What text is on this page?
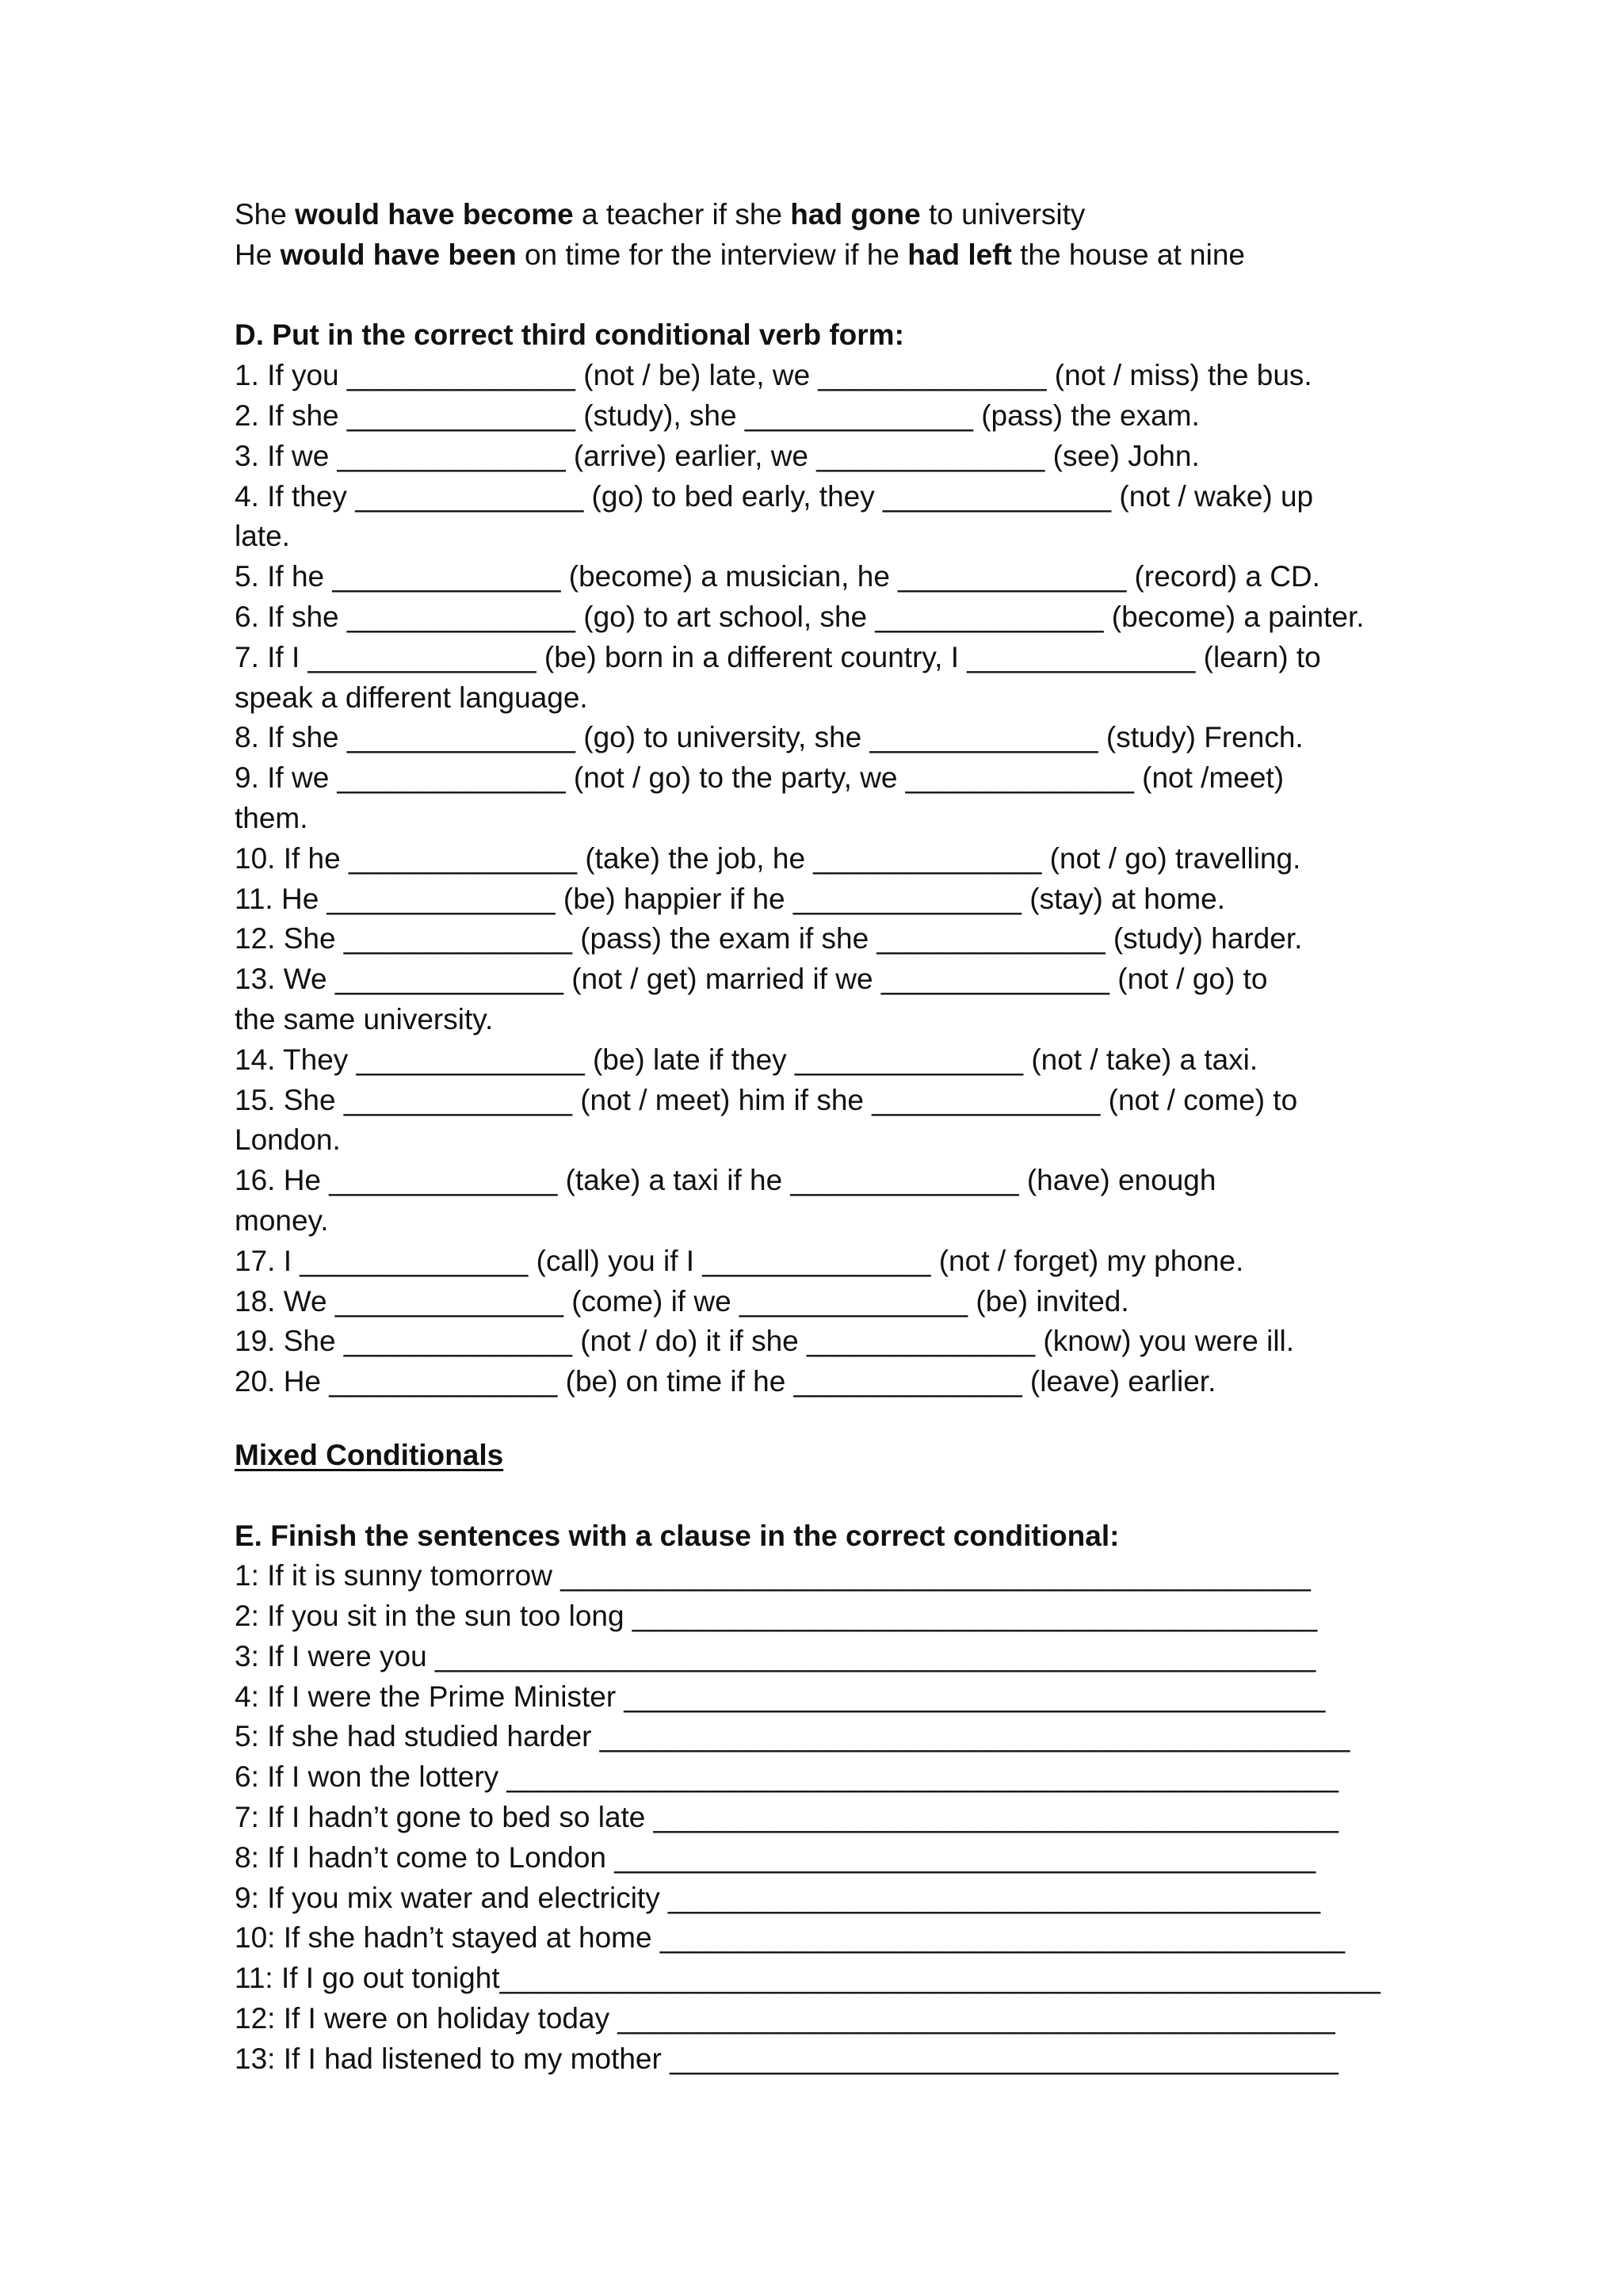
She would have become a teacher if she had gone to university
He would have been on time for the interview if he had left the house at nine
D. Put in the correct third conditional verb form:
1. If you ______________ (not / be) late, we ______________ (not / miss) the bus.
2. If she ______________ (study), she ______________ (pass) the exam.
3. If we ______________ (arrive) earlier, we ______________ (see) John.
4. If they ______________ (go) to bed early, they ______________ (not / wake) up
late.
5. If he ______________ (become) a musician, he ______________ (record) a CD.
6. If she ______________ (go) to art school, she ______________ (become) a painter.
7. If I ______________ (be) born in a different country, I ______________ (learn) to
speak a different language.
8. If she ______________ (go) to university, she ______________ (study) French.
9. If we ______________ (not / go) to the party, we ______________ (not /meet)
them.
10. If he ______________ (take) the job, he ______________ (not / go) travelling.
11. He ______________ (be) happier if he ______________ (stay) at home.
12. She ______________ (pass) the exam if she ______________ (study) harder.
13. We ______________ (not / get) married if we ______________ (not / go) to
the same university.
14. They ______________ (be) late if they ______________ (not / take) a taxi.
15. She ______________ (not / meet) him if she ______________ (not / come) to
London.
16. He ______________ (take) a taxi if he ______________ (have) enough
money.
17. I ______________ (call) you if I ______________ (not / forget) my phone.
18. We ______________ (come) if we ______________ (be) invited.
19. She ______________ (not / do) it if she ______________ (know) you were ill.
20. He ______________ (be) on time if he ______________ (leave) earlier.
Mixed Conditionals
E. Finish the sentences with a clause in the correct conditional:
1: If it is sunny tomorrow ______________________________________________
2: If you sit in the sun too long __________________________________________
3: If I were you ______________________________________________________
4: If I were the Prime Minister ___________________________________________
5: If she had studied harder ______________________________________________
6: If I won the lottery ___________________________________________________
7: If I hadn’t gone to bed so late __________________________________________
8: If I hadn’t come to London ___________________________________________
9: If you mix water and electricity ________________________________________
10: If she hadn’t stayed at home __________________________________________
11: If I go out tonight______________________________________________________
12: If I were on holiday today ____________________________________________
13: If I had listened to my mother _________________________________________
